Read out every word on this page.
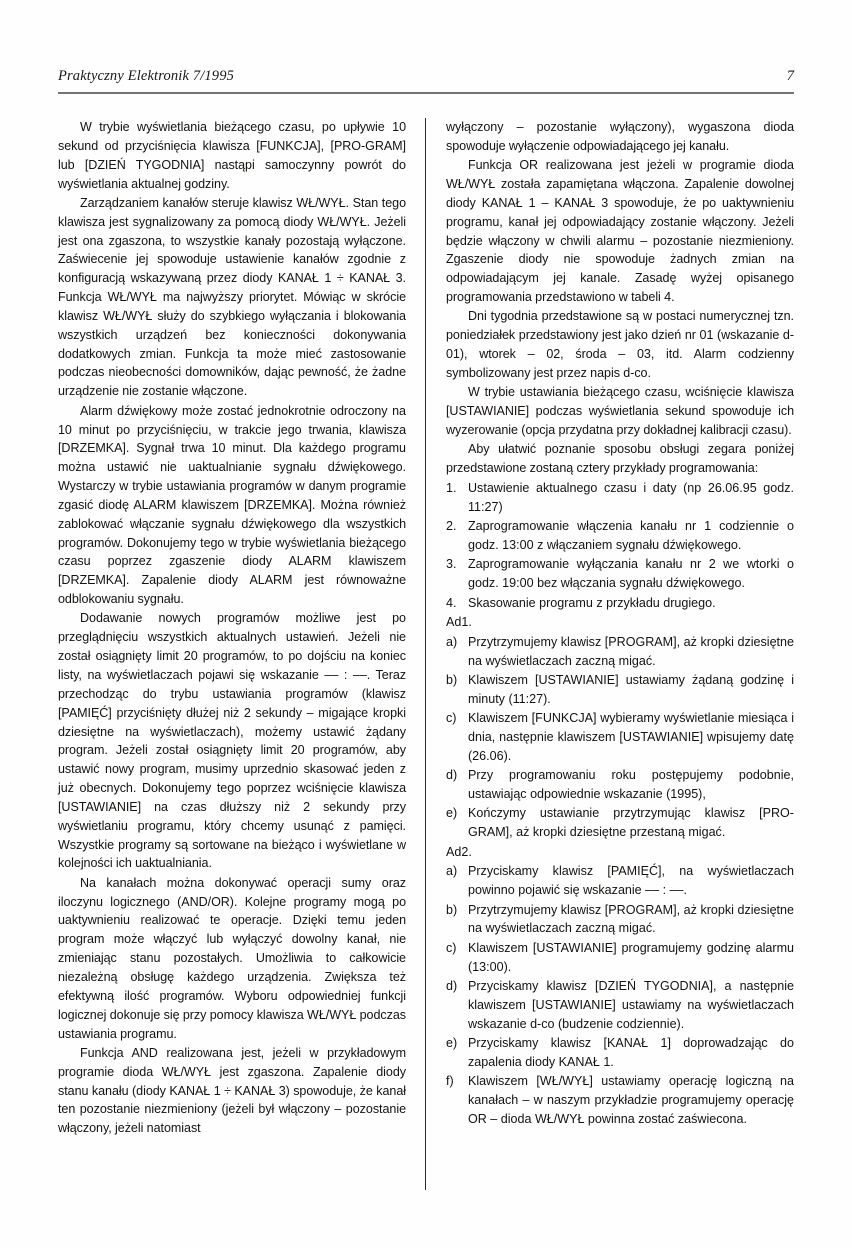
Praktyczny Elektronik 7/1995	7

W trybie wyświetlania bieżącego czasu, po upływie 10 sekund od przyciśnięcia klawisza [FUNKCJA], [PRO-GRAM] lub [DZIEŃ TYGODNIA] nastąpi samoczynny powrót do wyświetlania aktualnej godziny.

Zarządzaniem kanałów steruje klawisz WŁ/WYŁ. Stan tego klawisza jest sygnalizowany za pomocą diody WŁ/WYŁ. Jeżeli jest ona zgaszona, to wszystkie kanały pozostają wyłączone. Zaświecenie jej spowoduje ustawienie kanałów zgodnie z konfiguracją wskazywaną przez diody KANAŁ 1 ÷ KANAŁ 3. Funkcja WŁ/WYŁ ma najwyższy priorytet. Mówiąc w skrócie klawisz WŁ/WYŁ służy do szybkiego wyłączania i blokowania wszystkich urządzeń bez konieczności dokonywania dodatkowych zmian. Funkcja ta może mieć zastosowanie podczas nieobecności domowników, dając pewność, że żadne urządzenie nie zostanie włączone.

Alarm dźwiękowy może zostać jednokrotnie odroczony na 10 minut po przyciśnięciu, w trakcie jego trwania, klawisza [DRZEMKA]. Sygnał trwa 10 minut. Dla każdego programu można ustawić nie uaktualnianie sygnału dźwiękowego. Wystarczy w trybie ustawiania programów w danym programie zgasić diodę ALARM klawiszem [DRZEMKA]. Można również zablokować włączanie sygnału dźwiękowego dla wszystkich programów. Dokonujemy tego w trybie wyświetlania bieżącego czasu poprzez zgaszenie diody ALARM klawiszem [DRZEMKA]. Zapalenie diody ALARM jest równoważne odblokowaniu sygnału.

Dodawanie nowych programów możliwe jest po przeglądnięciu wszystkich aktualnych ustawień. Jeżeli nie został osiągnięty limit 20 programów, to po dojściu na koniec listy, na wyświetlaczach pojawi się wskazanie –– : ––. Teraz przechodząc do trybu ustawiania programów (klawisz [PAMIĘĆ] przyciśnięty dłużej niż 2 sekundy – migające kropki dziesiętne na wyświetlaczach), możemy ustawić żądany program. Jeżeli został osiągnięty limit 20 programów, aby ustawić nowy program, musimy uprzednio skasować jeden z już obecnych. Dokonujemy tego poprzez wciśnięcie klawisza [USTAWIANIE] na czas dłuższy niż 2 sekundy przy wyświetlaniu programu, który chcemy usunąć z pamięci. Wszystkie programy są sortowane na bieżąco i wyświetlane w kolejności ich uaktualniania.

Na kanałach można dokonywać operacji sumy oraz iloczynu logicznego (AND/OR). Kolejne programy mogą po uaktywnieniu realizować te operacje. Dzięki temu jeden program może włączyć lub wyłączyć dowolny kanał, nie zmieniając stanu pozostałych. Umożliwia to całkowicie niezależną obsługę każdego urządzenia. Zwiększa też efektywną ilość programów. Wyboru odpowiedniej funkcji logicznej dokonuje się przy pomocy klawisza WŁ/WYŁ podczas ustawiania programu.

Funkcja AND realizowana jest, jeżeli w przykładowym programie dioda WŁ/WYŁ jest zgaszona. Zapalenie diody stanu kanału (diody KANAŁ 1 ÷ KANAŁ 3) spowoduje, że kanał ten pozostanie niezmieniony (jeżeli był włączony – pozostanie włączony, jeżeli natomiast

wyłączony – pozostanie wyłączony), wygaszona dioda spowoduje wyłączenie odpowiadającego jej kanału.

Funkcja OR realizowana jest jeżeli w programie dioda WŁ/WYŁ została zapamiętana włączona. Zapalenie dowolnej diody KANAŁ 1 – KANAŁ 3 spowoduje, że po uaktywnieniu programu, kanał jej odpowiadający zostanie włączony. Jeżeli będzie włączony w chwili alarmu – pozostanie niezmieniony. Zgaszenie diody nie spowoduje żadnych zmian na odpowiadającym jej kanale. Zasadę wyżej opisanego programowania przedstawiono w tabeli 4.

Dni tygodnia przedstawione są w postaci numerycznej tzn. poniedziałek przedstawiony jest jako dzień nr 01 (wskazanie d-01), wtorek – 02, środa – 03, itd. Alarm codzienny symbolizowany jest przez napis d-co.

W trybie ustawiania bieżącego czasu, wciśnięcie klawisza [USTAWIANIE] podczas wyświetlania sekund spowoduje ich wyzerowanie (opcja przydatna przy dokładnej kalibracji czasu).

Aby ułatwić poznanie sposobu obsługi zegara poniżej przedstawione zostaną cztery przykłady programowania:

1. Ustawienie aktualnego czasu i daty (np 26.06.95 godz. 11:27)
2. Zaprogramowanie włączenia kanału nr 1 codziennie o godz. 13:00 z włączaniem sygnału dźwiękowego.
3. Zaprogramowanie wyłączania kanału nr 2 we wtorki o godz. 19:00 bez włączania sygnału dźwiękowego.
4. Skasowanie programu z przykładu drugiego.

Ad1.

a) Przytrzymujemy klawisz [PROGRAM], aż kropki dziesiętne na wyświetlaczach zaczną migać.
b) Klawiszem [USTAWIANIE] ustawiamy żądaną godzinę i minuty (11:27).
c) Klawiszem [FUNKCJA] wybieramy wyświetlanie miesiąca i dnia, następnie klawiszem [USTAWIANIE] wpisujemy datę (26.06).
d) Przy programowaniu roku postępujemy podobnie, ustawiając odpowiednie wskazanie (1995),
e) Kończymy ustawianie przytrzymując klawisz [PRO-GRAM], aż kropki dziesiętne przestaną migać.

Ad2.

a) Przyciskamy klawisz [PAMIĘĆ], na wyświetlaczach powinno pojawić się wskazanie –– : ––.
b) Przytrzymujemy klawisz [PROGRAM], aż kropki dziesiętne na wyświetlaczach zaczną migać.
c) Klawiszem [USTAWIANIE] programujemy godzinę alarmu (13:00).
d) Przyciskamy klawisz [DZIEŃ TYGODNIA], a następnie klawiszem [USTAWIANIE] ustawiamy na wyświetlaczach wskazanie d-co (budzenie codziennie).
e) Przyciskamy klawisz [KANAŁ 1] doprowadzając do zapalenia diody KANAŁ 1.
f)	Klawiszem [WŁ/WYŁ] ustawiamy operację logiczną na kanałach – w naszym przykładzie programujemy operację OR – dioda WŁ/WYŁ powinna zostać zaświecona.
